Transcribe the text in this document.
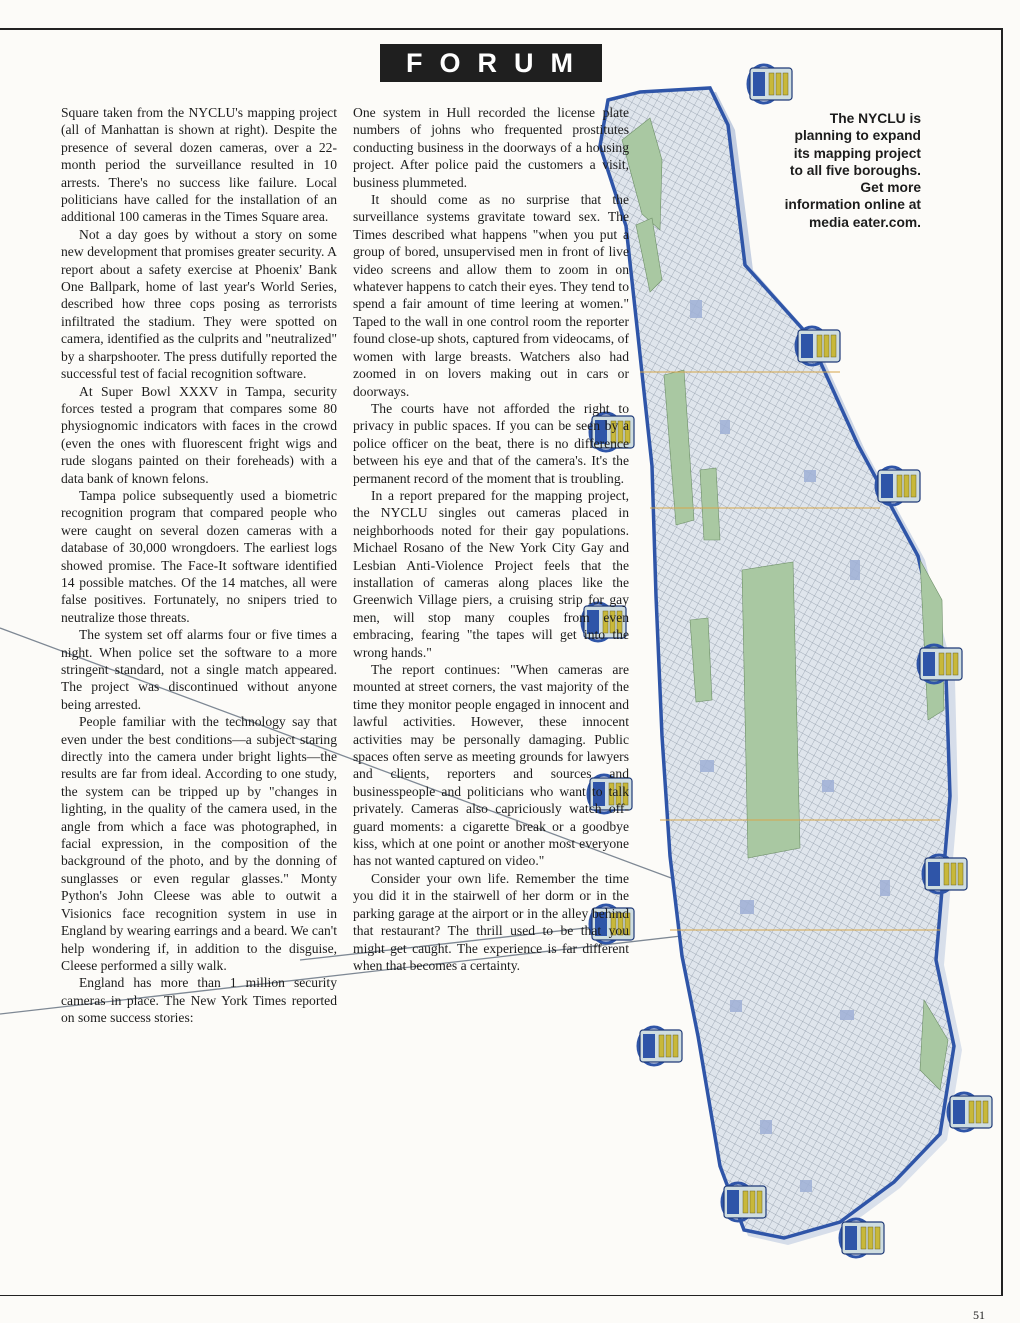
FORUM

Square taken from the NYCLU's mapping project (all of Manhattan is shown at right). Despite the presence of several dozen cameras, over a 22-month period the surveillance resulted in 10 arrests. There's no success like failure. Local politicians have called for the installation of an additional 100 cameras in the Times Square area.

Not a day goes by without a story on some new development that promises greater security. A report about a safety exercise at Phoenix' Bank One Ballpark, home of last year's World Series, described how three cops posing as terrorists infiltrated the stadium. They were spotted on camera, identified as the culprits and "neutralized" by a sharpshooter. The press dutifully reported the successful test of facial recognition software.

At Super Bowl XXXV in Tampa, security forces tested a program that compares some 80 physiognomic indicators with faces in the crowd (even the ones with fluorescent fright wigs and rude slogans painted on their foreheads) with a data bank of known felons.

Tampa police subsequently used a biometric recognition program that compared people who were caught on several dozen cameras with a database of 30,000 wrongdoers. The earliest logs showed promise. The Face-It software identified 14 possible matches. Of the 14 matches, all were false positives. Fortunately, no snipers tried to neutralize those threats.

The system set off alarms four or five times a night. When police set the software to a more stringent standard, not a single match appeared. The project was discontinued without anyone being arrested.

People familiar with the technology say that even under the best conditions—a subject staring directly into the camera under bright lights—the results are far from ideal. According to one study, the system can be tripped up by "changes in lighting, in the quality of the camera used, in the angle from which a face was photographed, in facial expression, in the composition of the background of the photo, and by the donning of sunglasses or even regular glasses." Monty Python's John Cleese was able to outwit a Visionics face recognition system in use in England by wearing earrings and a beard. We can't help wondering if, in addition to the disguise, Cleese performed a silly walk.

England has more than 1 million security cameras in place. The New York Times reported on some success stories:

One system in Hull recorded the license plate numbers of johns who frequented prostitutes conducting business in the doorways of a housing project. After police paid the customers a visit, business plummeted.

It should come as no surprise that the surveillance systems gravitate toward sex. The Times described what happens "when you put a group of bored, unsupervised men in front of live video screens and allow them to zoom in on whatever happens to catch their eyes. They tend to spend a fair amount of time leering at women." Taped to the wall in one control room the reporter found close-up shots, captured from videocams, of women with large breasts. Watchers also had zoomed in on lovers making out in cars or doorways.

The courts have not afforded the right to privacy in public spaces. If you can be seen by a police officer on the beat, there is no difference between his eye and that of the camera's. It's the permanent record of the moment that is troubling.

In a report prepared for the mapping project, the NYCLU singles out cameras placed in neighborhoods noted for their gay populations. Michael Rosano of the New York City Gay and Lesbian Anti-Violence Project feels that the installation of cameras along places like the Greenwich Village piers, a cruising strip for gay men, will stop many couples from even embracing, fearing "the tapes will get into the wrong hands."

The report continues: "When cameras are mounted at street corners, the vast majority of the time they monitor people engaged in innocent and lawful activities. However, these innocent activities may be personally damaging. Public spaces often serve as meeting grounds for lawyers and clients, reporters and sources and businesspeople and politicians who want to talk privately. Cameras also capriciously watch off-guard moments: a cigarette break or a goodbye kiss, which at one point or another most everyone has not wanted captured on video."

Consider your own life. Remember the time you did it in the stairwell of her dorm or in the parking garage at the airport or in the alley behind that restaurant? The thrill used to be that you might get caught. The experience is far different when that becomes a certainty.

The NYCLU is planning to expand its mapping project to all five boroughs. Get more information online at media eater.com.
51
